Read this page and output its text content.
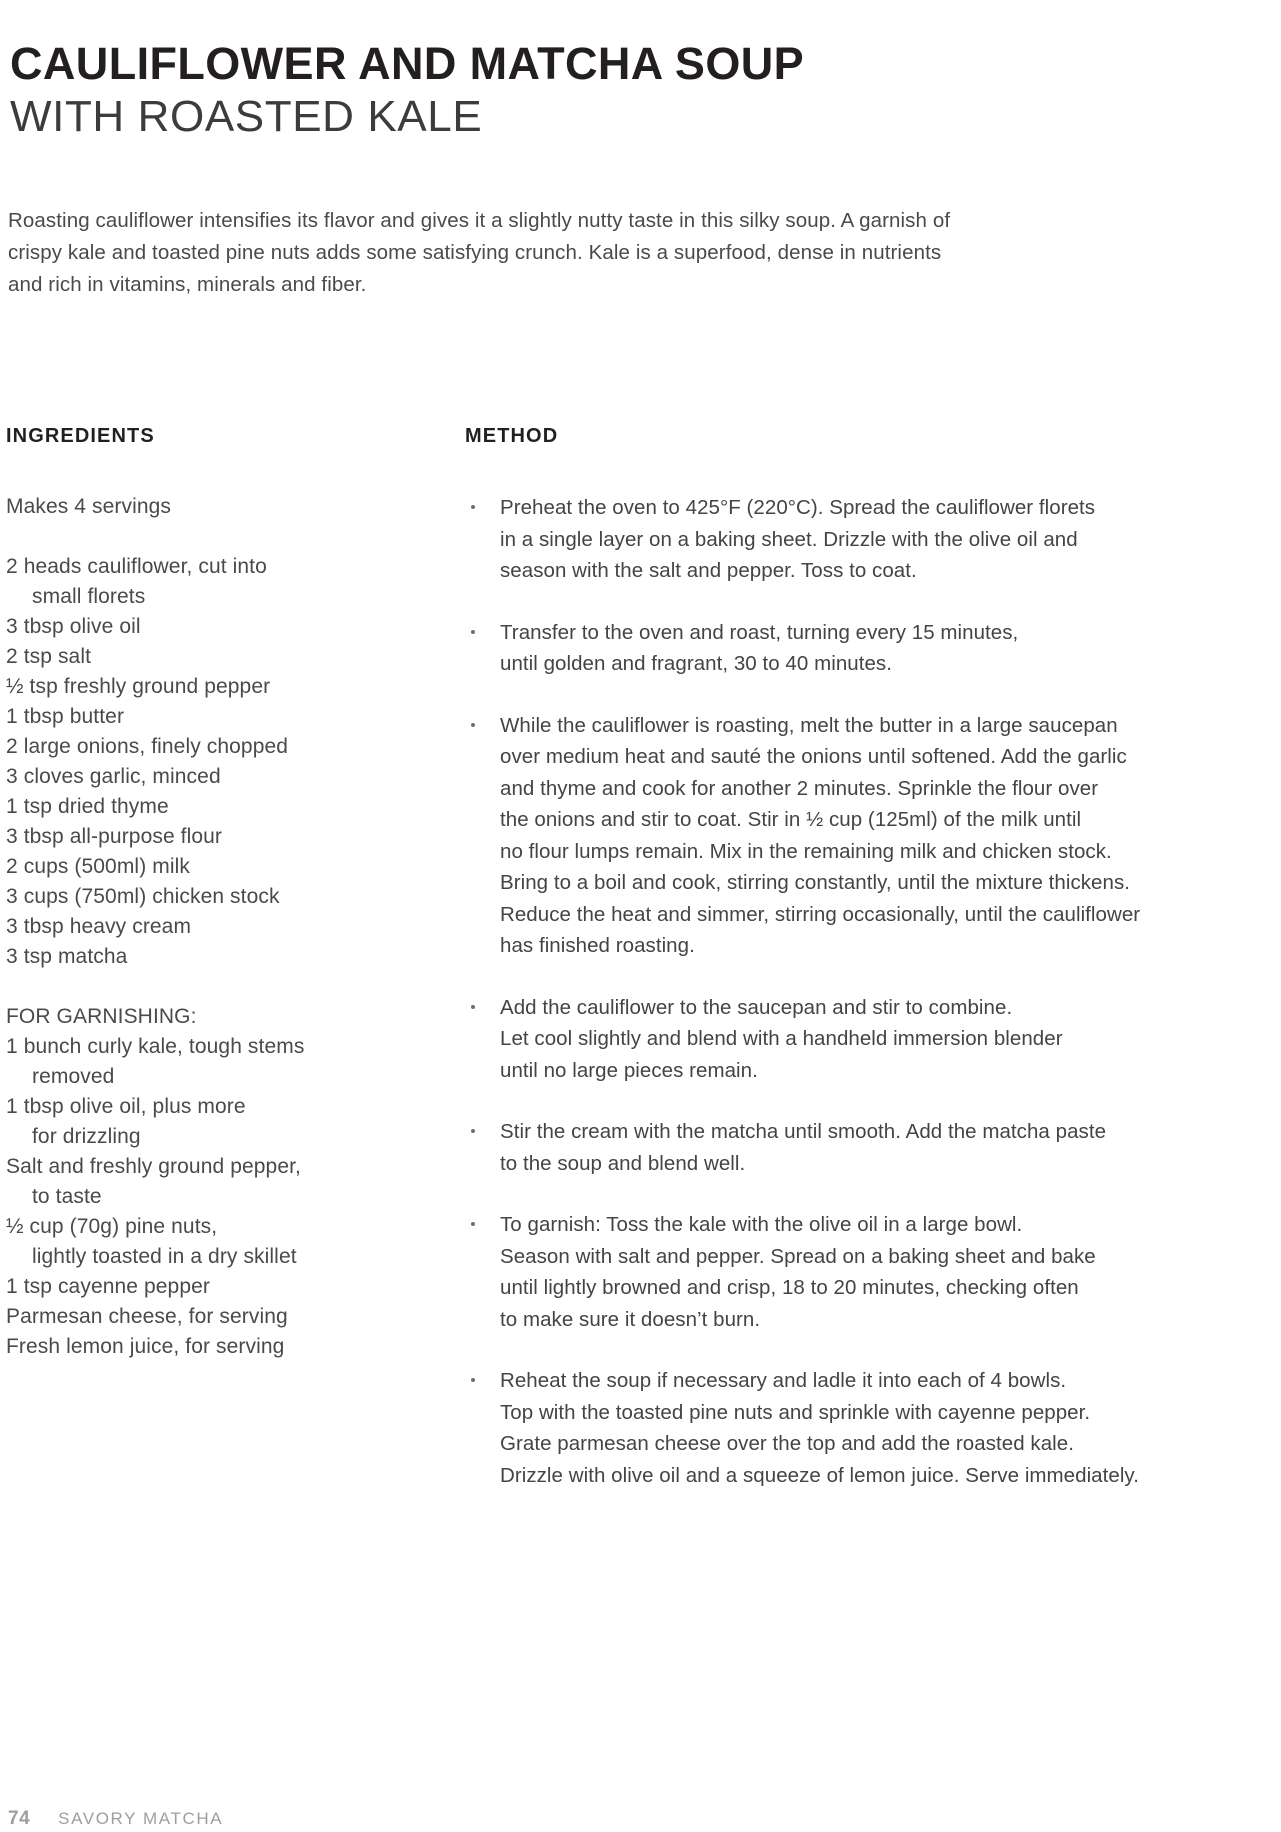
CAULIFLOWER AND MATCHA SOUP
WITH ROASTED KALE
Roasting cauliflower intensifies its flavor and gives it a slightly nutty taste in this silky soup. A garnish of
crispy kale and toasted pine nuts adds some satisfying crunch. Kale is a superfood, dense in nutrients
and rich in vitamins, minerals and fiber.
INGREDIENTS
Makes 4 servings
2 heads cauliflower, cut into
small florets
3 tbsp olive oil
2 tsp salt
½ tsp freshly ground pepper
1 tbsp butter
2 large onions, finely chopped
3 cloves garlic, minced
1 tsp dried thyme
3 tbsp all-purpose flour
2 cups (500ml) milk
3 cups (750ml) chicken stock
3 tbsp heavy cream
3 tsp matcha
FOR GARNISHING:
1 bunch curly kale, tough stems
removed
1 tbsp olive oil, plus more
for drizzling
Salt and freshly ground pepper,
to taste
½ cup (70g) pine nuts,
lightly toasted in a dry skillet
1 tsp cayenne pepper
Parmesan cheese, for serving
Fresh lemon juice, for serving
METHOD
Preheat the oven to 425°F (220°C). Spread the cauliflower florets
in a single layer on a baking sheet. Drizzle with the olive oil and
season with the salt and pepper. Toss to coat.
Transfer to the oven and roast, turning every 15 minutes,
until golden and fragrant, 30 to 40 minutes.
While the cauliflower is roasting, melt the butter in a large saucepan
over medium heat and sauté the onions until softened. Add the garlic
and thyme and cook for another 2 minutes. Sprinkle the flour over
the onions and stir to coat. Stir in ½ cup (125ml) of the milk until
no flour lumps remain. Mix in the remaining milk and chicken stock.
Bring to a boil and cook, stirring constantly, until the mixture thickens.
Reduce the heat and simmer, stirring occasionally, until the cauliflower
has finished roasting.
Add the cauliflower to the saucepan and stir to combine.
Let cool slightly and blend with a handheld immersion blender
until no large pieces remain.
Stir the cream with the matcha until smooth. Add the matcha paste
to the soup and blend well.
To garnish: Toss the kale with the olive oil in a large bowl.
Season with salt and pepper. Spread on a baking sheet and bake
until lightly browned and crisp, 18 to 20 minutes, checking often
to make sure it doesn’t burn.
Reheat the soup if necessary and ladle it into each of 4 bowls.
Top with the toasted pine nuts and sprinkle with cayenne pepper.
Grate parmesan cheese over the top and add the roasted kale.
Drizzle with olive oil and a squeeze of lemon juice. Serve immediately.
74 SAVORY MATCHA
